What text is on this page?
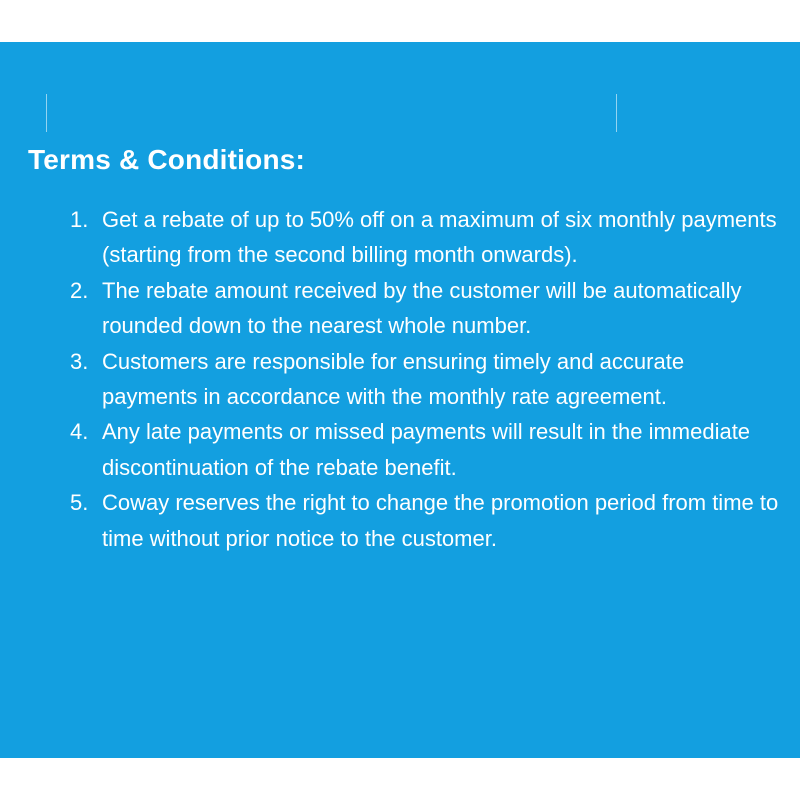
Terms & Conditions:
1. Get a rebate of up to 50% off on a maximum of six monthly payments (starting from the second billing month onwards).
2. The rebate amount received by the customer will be automatically rounded down to the nearest whole number.
3. Customers are responsible for ensuring timely and accurate payments in accordance with the monthly rate agreement.
4. Any late payments or missed payments will result in the immediate discontinuation of the rebate benefit.
5. Coway reserves the right to change the promotion period from time to time without prior notice to the customer.
